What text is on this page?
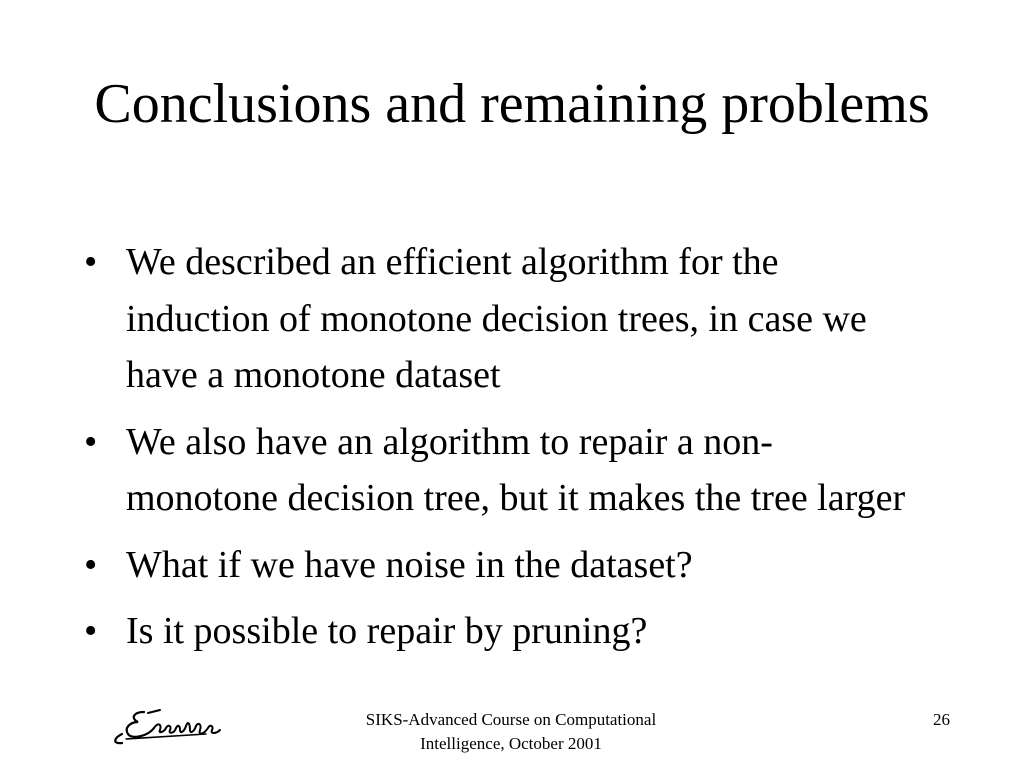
Conclusions and remaining problems
• We described an efficient algorithm for the induction of monotone decision trees, in case we have a monotone dataset
• We also have an algorithm to repair a non-monotone decision tree, but it makes the tree larger
• What if we have noise in the dataset?
• Is it possible to repair by pruning?
SIKS-Advanced Course on Computational Intelligence, October 2001
26
